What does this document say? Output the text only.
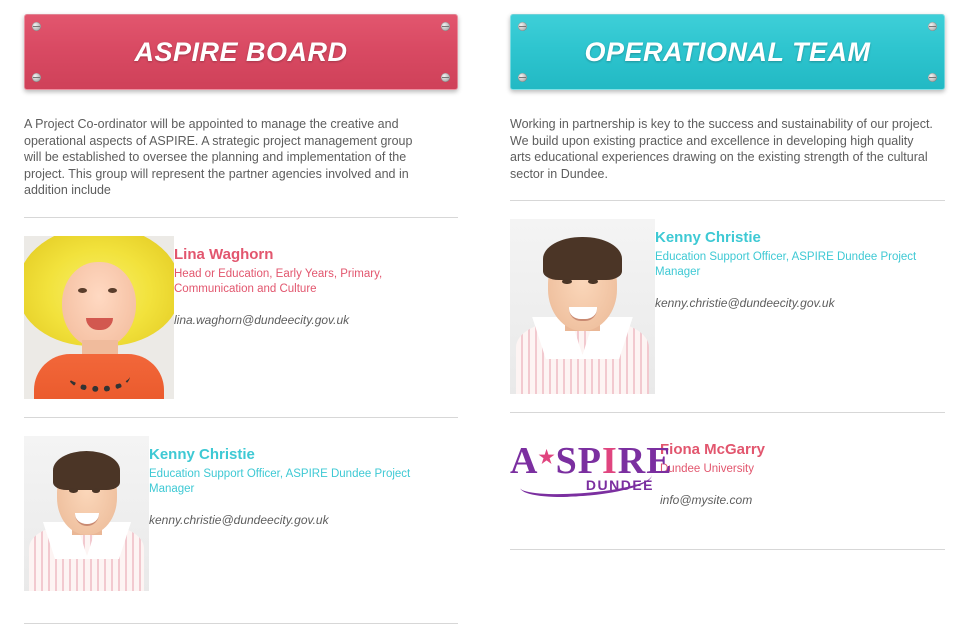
ASPIRE BOARD

A Project Co-ordinator will be appointed to manage the creative and operational aspects of ASPIRE. A strategic project management group will be established to oversee the planning and implementation of the project. This group will represent the partner agencies involved and in addition include

Lina Waghorn

Head or Education, Early Years, Primary, Communication and Culture

lina.waghorn@dundeecity.gov.uk

Kenny Christie

Education Support Officer, ASPIRE Dundee Project Manager

kenny.christie@dundeecity.gov.uk

OPERATIONAL TEAM

Working in partnership is key to the success and sustainability of our project. We build upon existing practice and excellence in developing high quality arts educational experiences drawing on the existing strength of the cultural sector in Dundee.

Kenny Christie

Education Support Officer, ASPIRE Dundee Project Manager

kenny.christie@dundeecity.gov.uk

A★SPIRE
DUNDEE

Fiona McGarry

Dundee University

info@mysite.com
